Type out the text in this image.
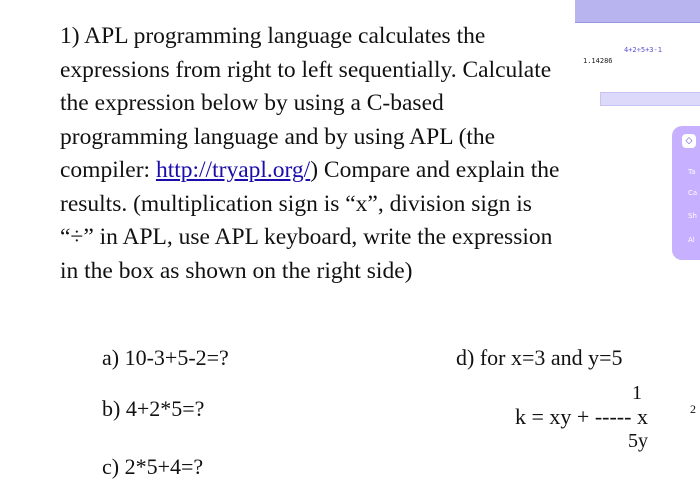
1) APL programming language calculates the expressions from right to left sequentially. Calculate the expression below by using a C-based programming language and by using APL (the compiler: http://tryapl.org/) Compare and explain the results. (multiplication sign is “x”, division sign is “÷” in APL, use APL keyboard, write the expression in the box as shown on the right side)

a) 10-3+5-2=?
b) 4+2*5=?
c) 2*5+4=?
d) for x=3 and y=5
k = xy + ----- x
1
5y
2
4+2÷5+3-1
1.14286
◇
Ta
Ca
Sh
Al
